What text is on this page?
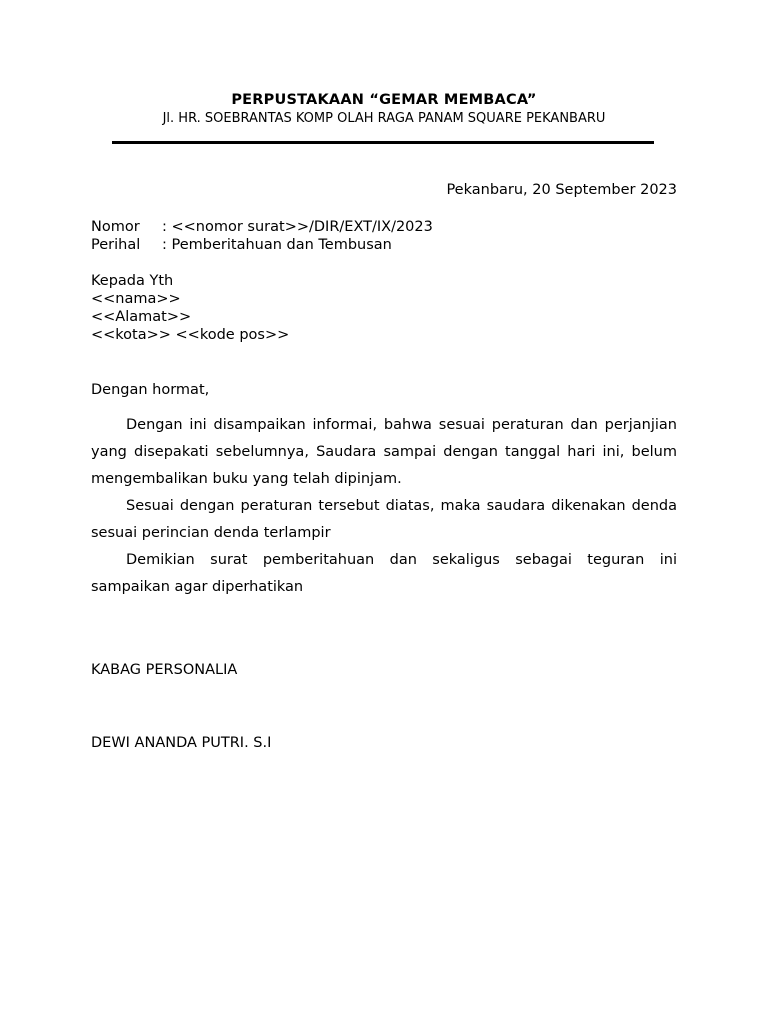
PERPUSTAKAAN “GEMAR MEMBACA”
Jl. HR. SOEBRANTAS KOMP OLAH RAGA PANAM SQUARE PEKANBARU
Pekanbaru, 20 September 2023
Nomor : <<nomor surat>>/DIR/EXT/IX/2023
Perihal : Pemberitahuan dan Tembusan
Kepada Yth
<<nama>>
<<Alamat>>
<<kota>> <<kode pos>>
Dengan hormat,

Dengan ini disampaikan informai, bahwa sesuai peraturan dan perjanjian yang disepakati sebelumnya, Saudara sampai dengan tanggal hari ini, belum mengembalikan buku yang telah dipinjam.

Sesuai dengan peraturan tersebut diatas, maka saudara dikenakan denda sesuai perincian denda terlampir

Demikian surat pemberitahuan dan sekaligus sebagai teguran ini sampaikan agar diperhatikan

KABAG PERSONALIA
DEWI ANANDA PUTRI. S.I
